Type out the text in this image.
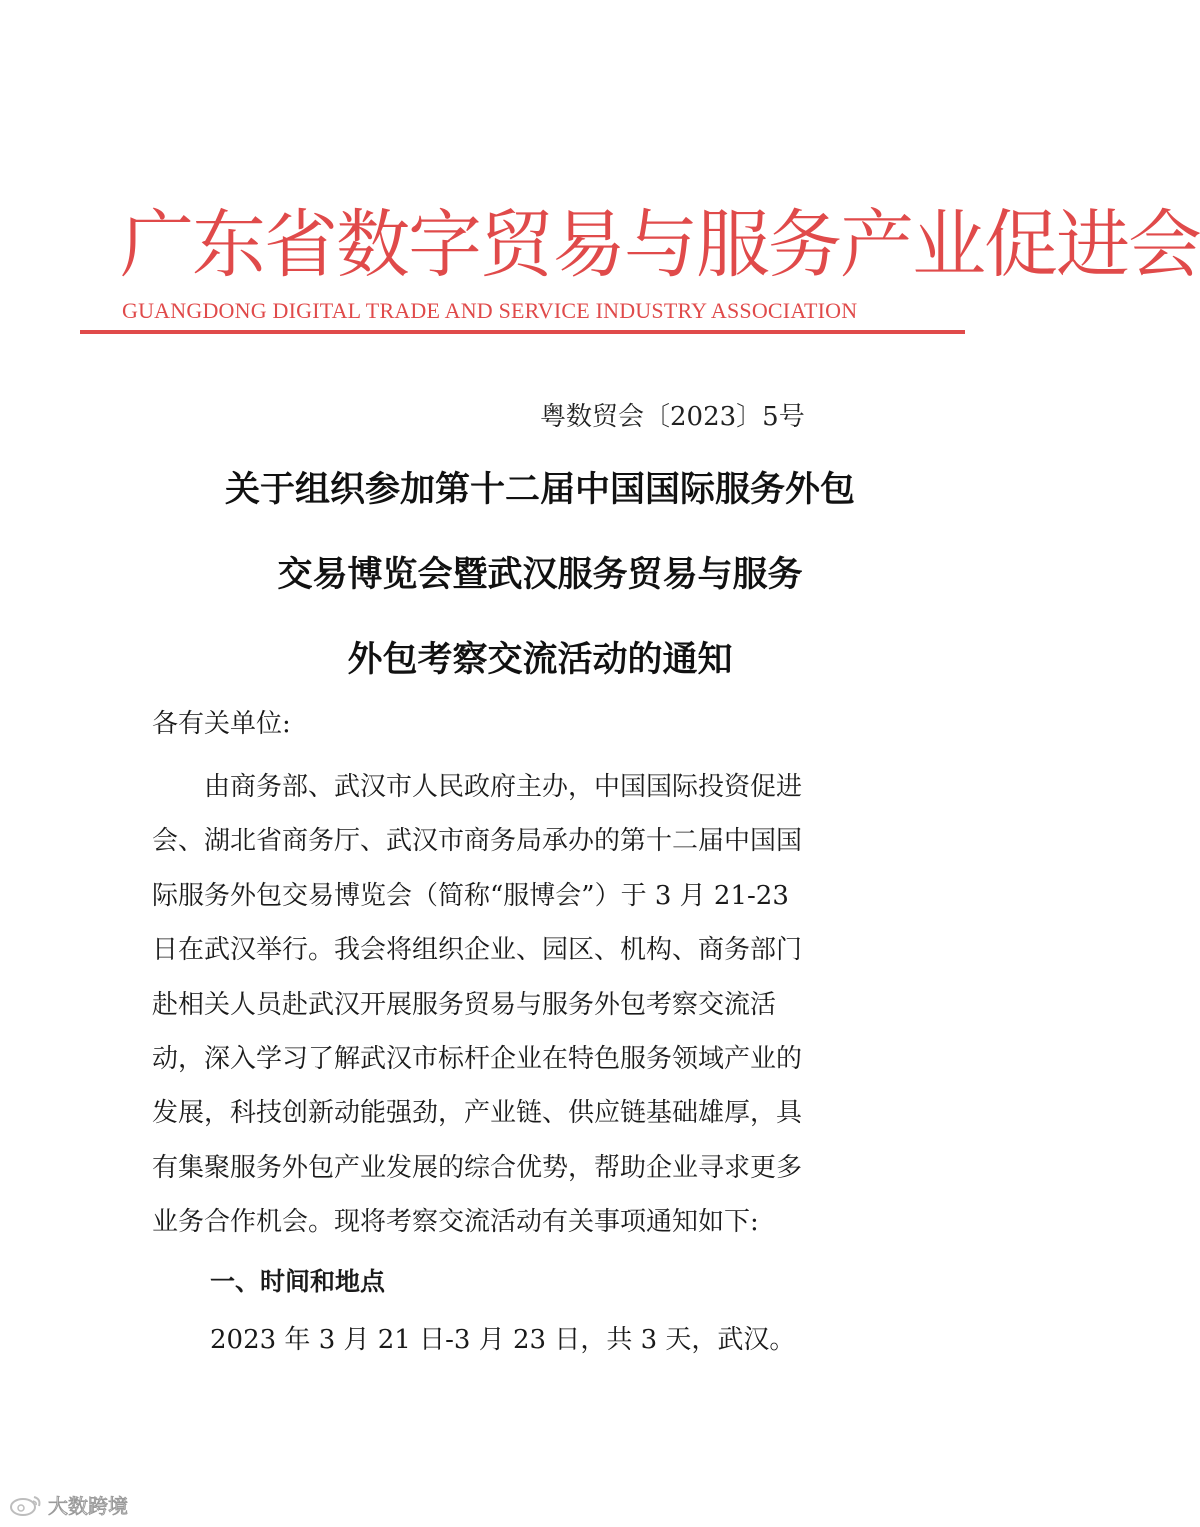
广东省数字贸易与服务产业促进会
GUANGDONG DIGITAL TRADE AND SERVICE INDUSTRY ASSOCIATION
粤数贸会〔2023〕5号
关于组织参加第十二届中国国际服务外包
交易博览会暨武汉服务贸易与服务
外包考察交流活动的通知
各有关单位:
　　由商务部、武汉市人民政府主办，中国国际投资促进
会、湖北省商务厅、武汉市商务局承办的第十二届中国国
际服务外包交易博览会（简称“服博会”）于 3 月 21-23
日在武汉举行。我会将组织企业、园区、机构、商务部门
赴相关人员赴武汉开展服务贸易与服务外包考察交流活
动，深入学习了解武汉市标杆企业在特色服务领域产业的
发展，科技创新动能强劲，产业链、供应链基础雄厚，具
有集聚服务外包产业发展的综合优势，帮助企业寻求更多
业务合作机会。现将考察交流活动有关事项通知如下:
一、时间和地点
2023 年 3 月 21 日-3 月 23 日，共 3 天，武汉。
大数跨境
